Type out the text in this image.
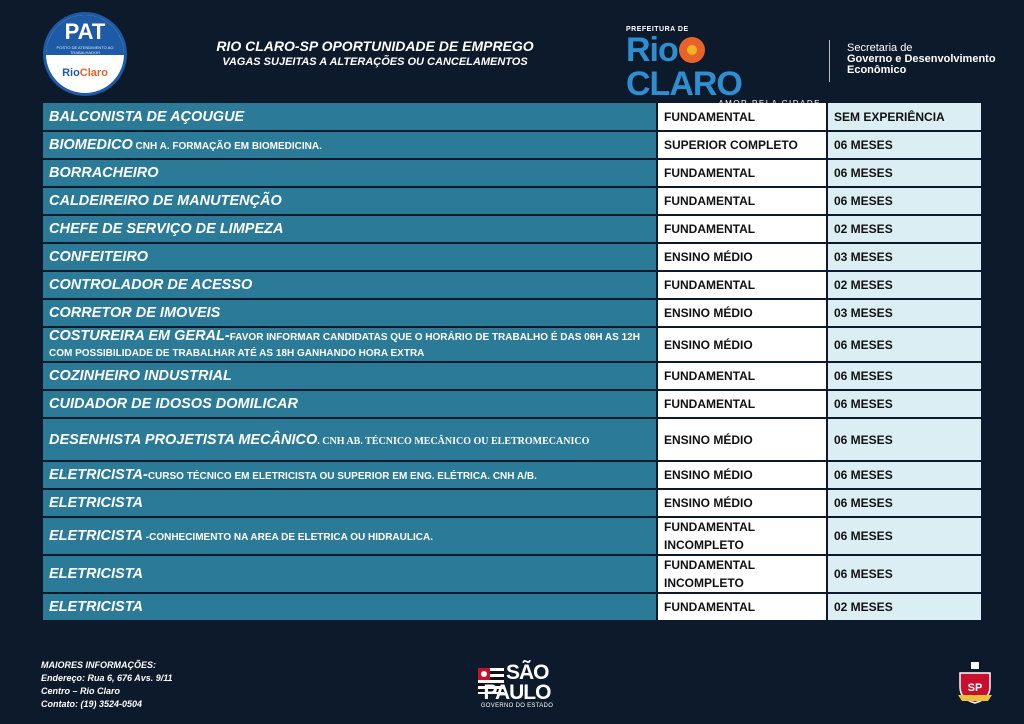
PAT
POSTO DE ATENDIMENTO AO TRABALHADOR
RioClaro
RIO CLARO-SP OPORTUNIDADE DE EMPREGO
VAGAS SUJEITAS A ALTERAÇÕES OU CANCELAMENTOS
PREFEITURA DE
RioCLARO
Secretaria de
Governo e Desenvolvimento
Econômico
BALCONISTA DE AÇOUGUE	FUNDAMENTAL	SEM EXPERIÊNCIA
BIOMEDICO CNH A. FORMAÇÃO EM BIOMEDICINA.	SUPERIOR COMPLETO	06 MESES
BORRACHEIRO	FUNDAMENTAL	06 MESES
CALDEIREIRO DE MANUTENÇÃO	FUNDAMENTAL	06 MESES
CHEFE DE SERVIÇO DE LIMPEZA	FUNDAMENTAL	02 MESES
CONFEITEIRO	ENSINO MÉDIO	03 MESES
CONTROLADOR DE ACESSO	FUNDAMENTAL	02 MESES
CORRETOR DE IMOVEIS	ENSINO MÉDIO	03 MESES
COSTUREIRA EM GERAL-FAVOR INFORMAR CANDIDATAS QUE O HORÁRIO DE TRABALHO É DAS 06H AS 12H COM POSSIBILIDADE DE TRABALHAR ATÉ AS 18H GANHANDO HORA EXTRA	ENSINO MÉDIO	06 MESES
COZINHEIRO INDUSTRIAL	FUNDAMENTAL	06 MESES
CUIDADOR DE IDOSOS DOMILICAR	FUNDAMENTAL	06 MESES
DESENHISTA PROJETISTA MECÂNICO. CNH AB. TÉCNICO MECÂNICO OU ELETROMECANICO	ENSINO MÉDIO	06 MESES
ELETRICISTA-CURSO TÉCNICO EM ELETRICISTA OU SUPERIOR EM ENG. ELÉTRICA. CNH A/B.	ENSINO MÉDIO	06 MESES
ELETRICISTA	ENSINO MÉDIO	06 MESES
ELETRICISTA -CONHECIMENTO NA AREA DE ELETRICA OU HIDRAULICA.	FUNDAMENTAL INCOMPLETO	06 MESES
ELETRICISTA	FUNDAMENTAL INCOMPLETO	06 MESES
ELETRICISTA	FUNDAMENTAL	02 MESES
MAIORES INFORMAÇÕES:
Endereço: Rua 6, 676 Avs. 9/11
Centro – Rio Claro
Contato: (19) 3524-0504
SÃO
PAULO
GOVERNO DO ESTADO
SP
